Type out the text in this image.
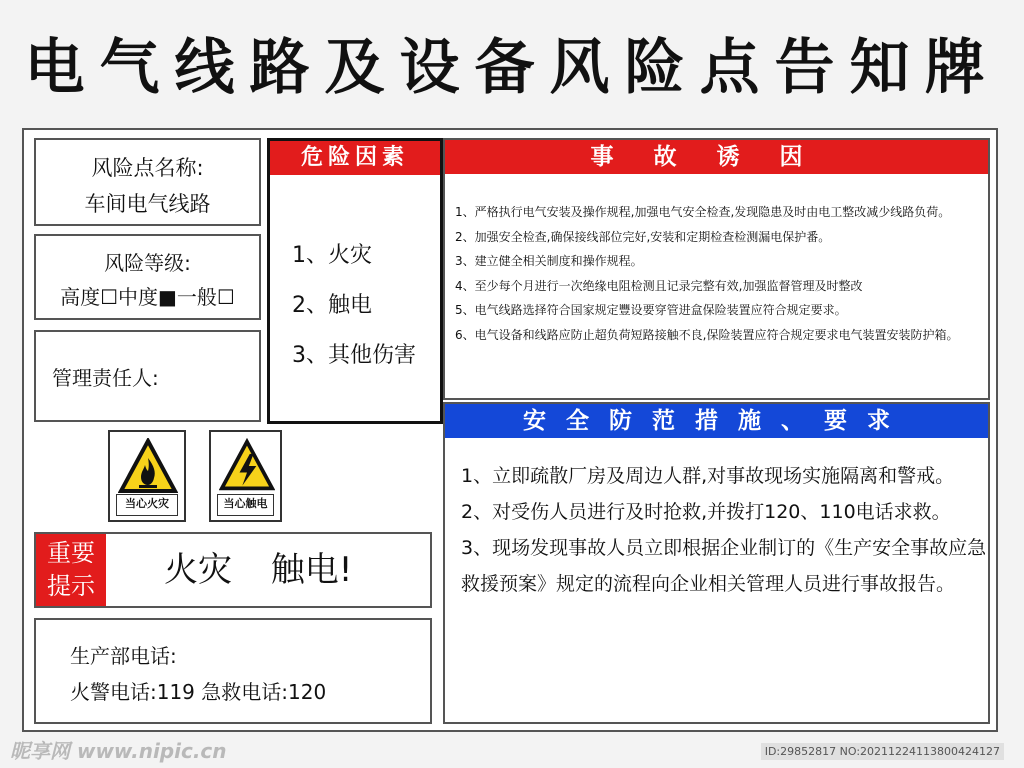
电气线路及设备风险点告知牌
风险点名称:
车间电气线路
风险等级:
高度☐中度■一般☐
管理责任人:
危险因素
1、火灾
2、触电
3、其他伤害
事故诱因
1、严格执行电气安装及操作规程,加强电气安全检查,发现隐患及时由电工整改减少线路负荷。
2、加强安全检查,确保接线部位完好,安装和定期检查检测漏电保护番。
3、建立健全相关制度和操作规程。
4、至少每个月进行一次绝缘电阻检测且记录完整有效,加强监督管理及时整改
5、电气线路选择符合国家规定豐设要穿管进盒保险装置应符合规定要求。
6、电气设备和线路应防止超负荷短路接触不良,保险装置应符合规定要求电气装置安装防护箱。
安全防范措施、要求
1、立即疏散厂房及周边人群,对事故现场实施隔离和警戒。
2、对受伤人员进行及时抢救,并拨打120、110电话求救。
3、现场发现事故人员立即根据企业制订的《生产安全事故应急救援预案》规定的流程向企业相关管理人员进行事故报告。
当心火灾	当心触电
重要
提示	火灾 触电!
生产部电话:
火警电话:119 急救电话:120
昵享网 www.nipic.cn	ID:29852817 NO:20211224113800424127
